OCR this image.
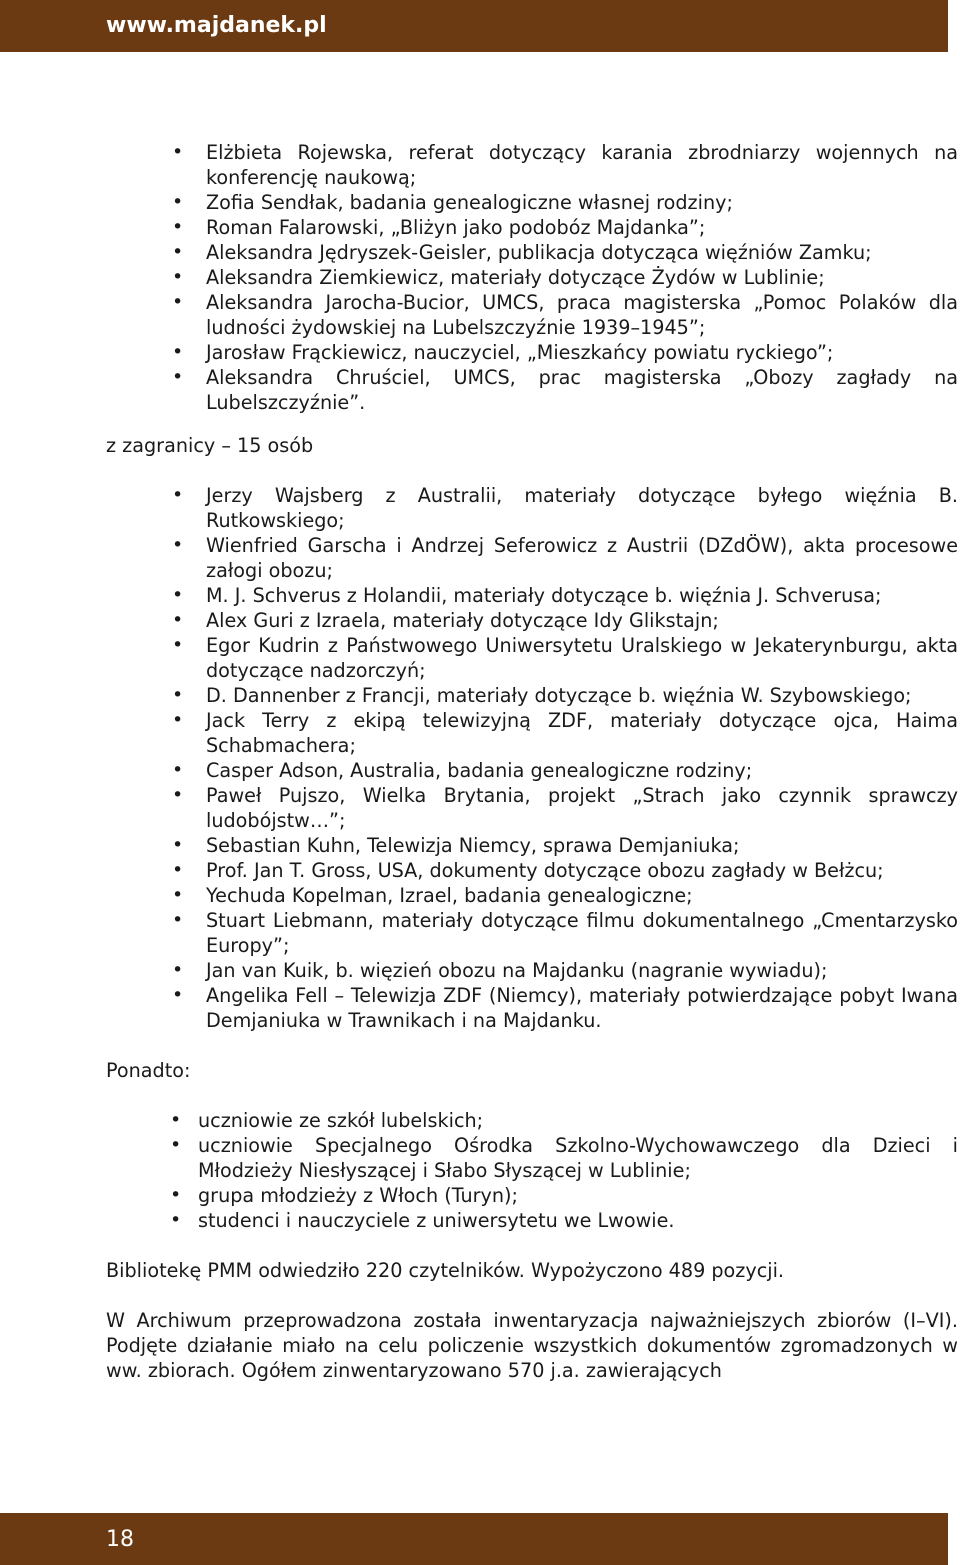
www.majdanek.pl
• Elżbieta Rojewska, referat dotyczący karania zbrodniarzy wojennych na konferencję naukową;
• Zofia Sendłak, badania genealogiczne własnej rodziny;
• Roman Falarowski, „Bliżyn jako podobóz Majdanka”;
• Aleksandra Jędryszek-Geisler, publikacja dotycząca więźniów Zamku;
• Aleksandra Ziemkiewicz, materiały dotyczące Żydów w Lublinie;
• Aleksandra Jarocha-Bucior, UMCS, praca magisterska „Pomoc Polaków dla ludności żydowskiej na Lubelszczyźnie 1939–1945”;
• Jarosław Frąckiewicz, nauczyciel, „Mieszkańcy powiatu ryckiego”;
• Aleksandra Chruściel, UMCS, prac magisterska „Obozy zagłady na Lubelszczyźnie”.

z zagranicy – 15 osób

• Jerzy Wajsberg z Australii, materiały dotyczące byłego więźnia B. Rutkowskiego;
• Wienfried Garscha i Andrzej Seferowicz z Austrii (DZdÖW), akta procesowe załogi obozu;
• M. J. Schverus z Holandii, materiały dotyczące b. więźnia J. Schverusa;
• Alex Guri z Izraela, materiały dotyczące Idy Glikstajn;
• Egor Kudrin z Państwowego Uniwersytetu Uralskiego w Jekaterynburgu, akta dotyczące nadzorczyń;
• D. Dannenber z Francji, materiały dotyczące b. więźnia W. Szybowskiego;
• Jack Terry z ekipą telewizyjną ZDF, materiały dotyczące ojca, Haima Schabmachera;
• Casper Adson, Australia, badania genealogiczne rodziny;
• Paweł Pujszo, Wielka Brytania, projekt „Strach jako czynnik sprawczy ludobójstw…”;
• Sebastian Kuhn, Telewizja Niemcy, sprawa Demjaniuka;
• Prof. Jan T. Gross, USA, dokumenty dotyczące obozu zagłady w Bełżcu;
• Yechuda Kopelman, Izrael, badania genealogiczne;
• Stuart Liebmann, materiały dotyczące filmu dokumentalnego „Cmentarzysko Europy”;
• Jan van Kuik, b. więzień obozu na Majdanku (nagranie wywiadu);
• Angelika Fell – Telewizja ZDF (Niemcy), materiały potwierdzające pobyt Iwana Demjaniuka w Trawnikach i na Majdanku.

Ponadto:

• uczniowie ze szkół lubelskich;
• uczniowie Specjalnego Ośrodka Szkolno-Wychowawczego dla Dzieci i Młodzieży Niesłyszącej i Słabo Słyszącej w Lublinie;
• grupa młodzieży z Włoch (Turyn);
• studenci i nauczyciele z uniwersytetu we Lwowie.

Bibliotekę PMM odwiedziło 220 czytelników. Wypożyczono 489 pozycji.

W Archiwum przeprowadzona została inwentaryzacja najważniejszych zbiorów (I–VI). Podjęte działanie miało na celu policzenie wszystkich dokumentów zgromadzonych w ww. zbiorach. Ogółem zinwentaryzowano 570 j.a. zawierających

18
